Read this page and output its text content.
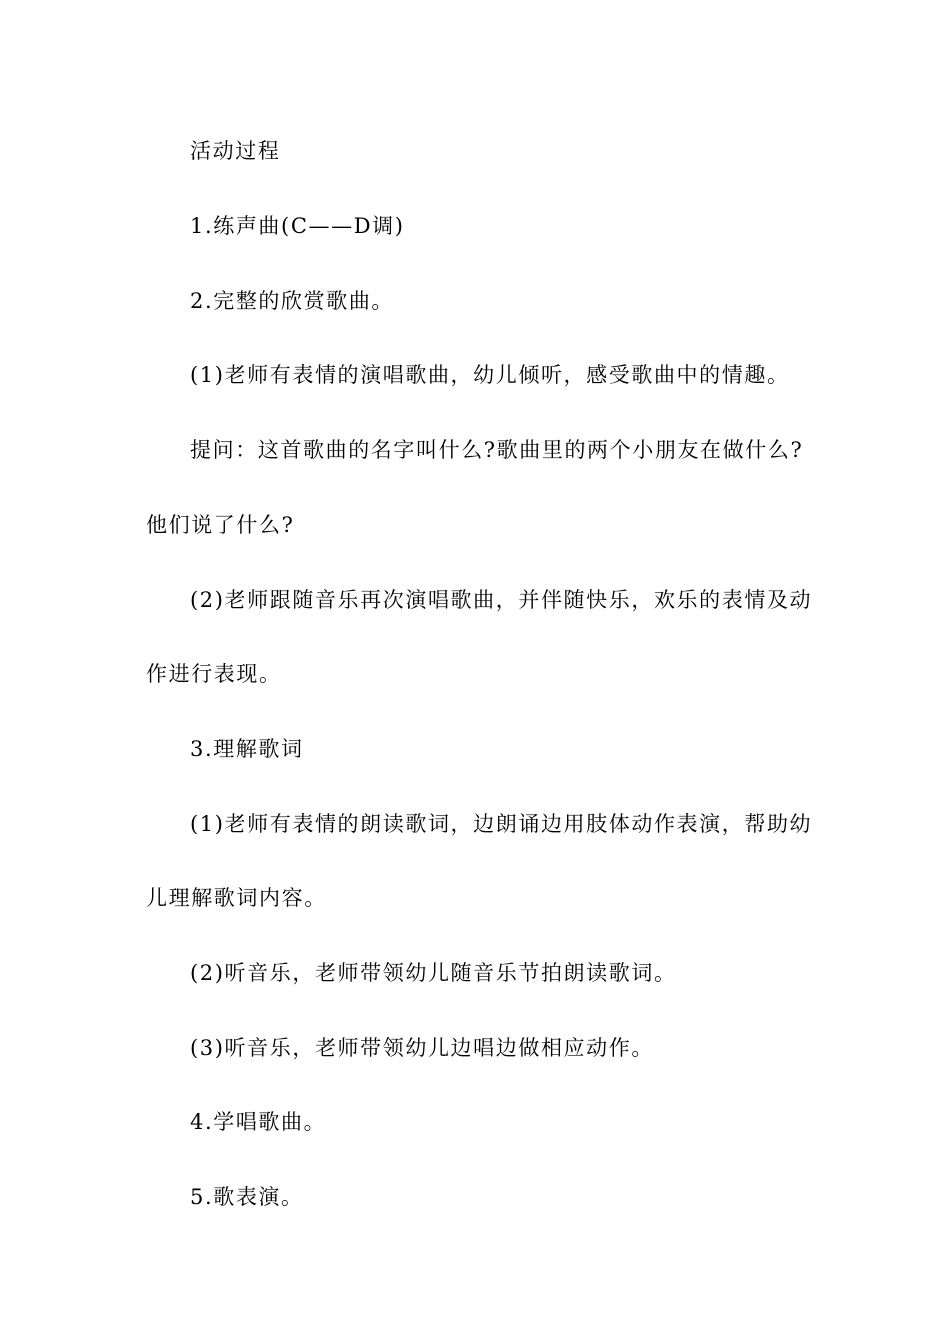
活动过程
1.练声曲(C——D调)
2.完整的欣赏歌曲。
(1)老师有表情的演唱歌曲，幼儿倾听，感受歌曲中的情趣。
提问：这首歌曲的名字叫什么?歌曲里的两个小朋友在做什么?
他们说了什么?
(2)老师跟随音乐再次演唱歌曲，并伴随快乐，欢乐的表情及动
作进行表现。
3.理解歌词
(1)老师有表情的朗读歌词，边朗诵边用肢体动作表演，帮助幼
儿理解歌词内容。
(2)听音乐，老师带领幼儿随音乐节拍朗读歌词。
(3)听音乐，老师带领幼儿边唱边做相应动作。
4.学唱歌曲。
5.歌表演。
